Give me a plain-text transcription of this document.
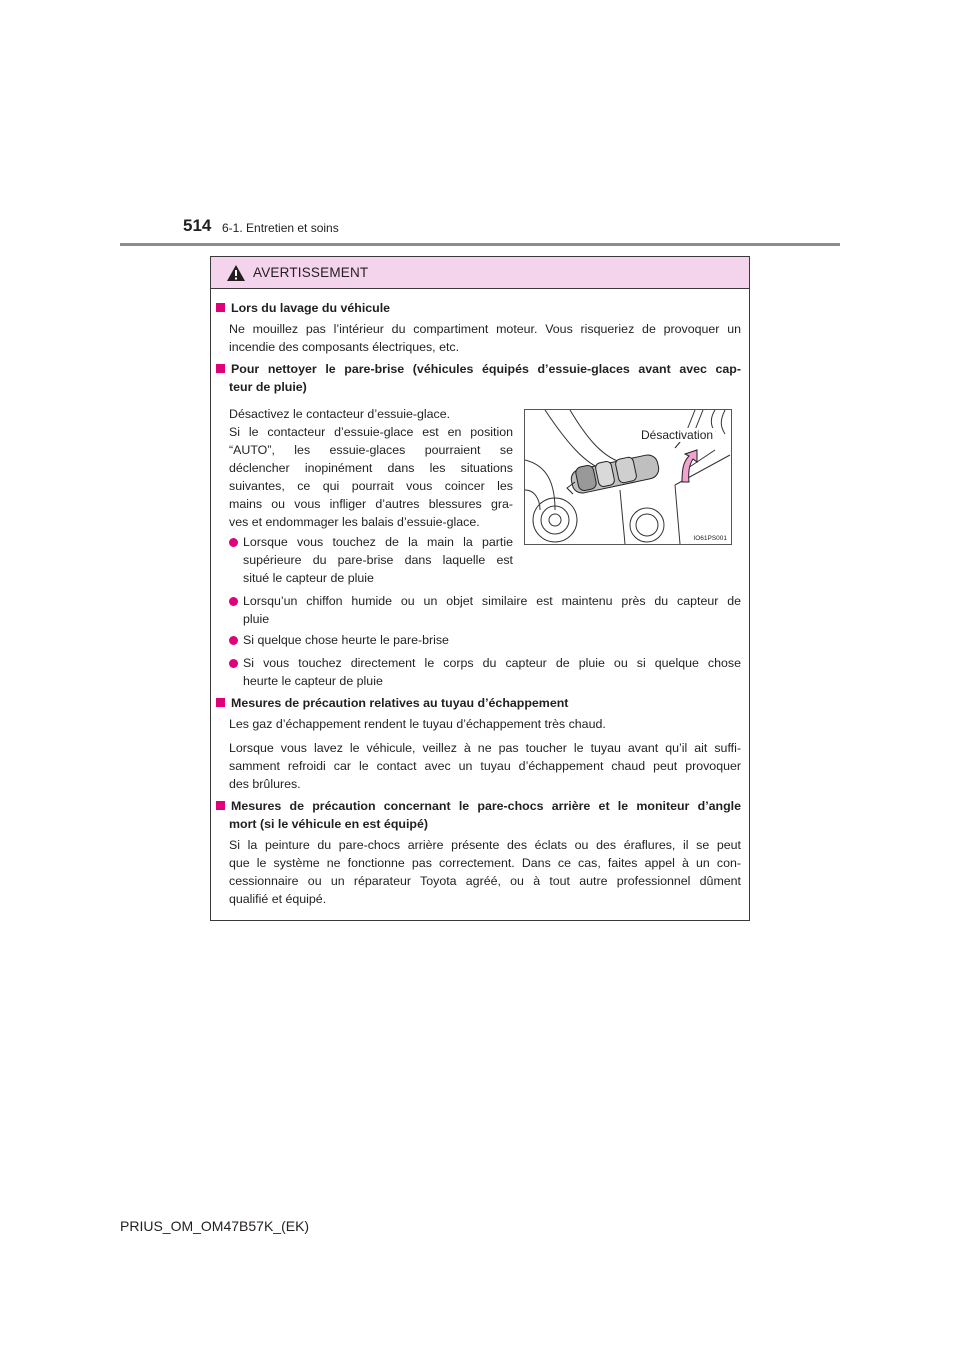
514 6-1. Entretien et soins
AVERTISSEMENT
Lors du lavage du véhicule
Ne mouillez pas l’intérieur du compartiment moteur. Vous risqueriez de provoquer un
incendie des composants électriques, etc.
Pour nettoyer le pare-brise (véhicules équipés d’essuie-glaces avant avec cap-
teur de pluie)
Désactivez le contacteur d’essuie-glace.
Si le contacteur d’essuie-glace est en position
“AUTO”, les essuie-glaces pourraient se
déclencher inopinément dans les situations
suivantes, ce qui pourrait vous coincer les
mains ou vous infliger d’autres blessures gra-
ves et endommager les balais d’essuie-glace.
Lorsque vous touchez de la main la partie
supérieure du pare-brise dans laquelle est
situé le capteur de pluie
Lorsqu’un chiffon humide ou un objet similaire est maintenu près du capteur de
pluie
Si quelque chose heurte le pare-brise
Si vous touchez directement le corps du capteur de pluie ou si quelque chose
heurte le capteur de pluie
Désactivation
IO61PS001
Mesures de précaution relatives au tuyau d’échappement
Les gaz d’échappement rendent le tuyau d’échappement très chaud.
Lorsque vous lavez le véhicule, veillez à ne pas toucher le tuyau avant qu’il ait suffi-
samment refroidi car le contact avec un tuyau d’échappement chaud peut provoquer
des brûlures.
Mesures de précaution concernant le pare-chocs arrière et le moniteur d’angle
mort (si le véhicule en est équipé)
Si la peinture du pare-chocs arrière présente des éclats ou des éraflures, il se peut
que le système ne fonctionne pas correctement. Dans ce cas, faites appel à un con-
cessionnaire ou un réparateur Toyota agréé, ou à tout autre professionnel dûment
qualifié et équipé.
PRIUS_OM_OM47B57K_(EK)
